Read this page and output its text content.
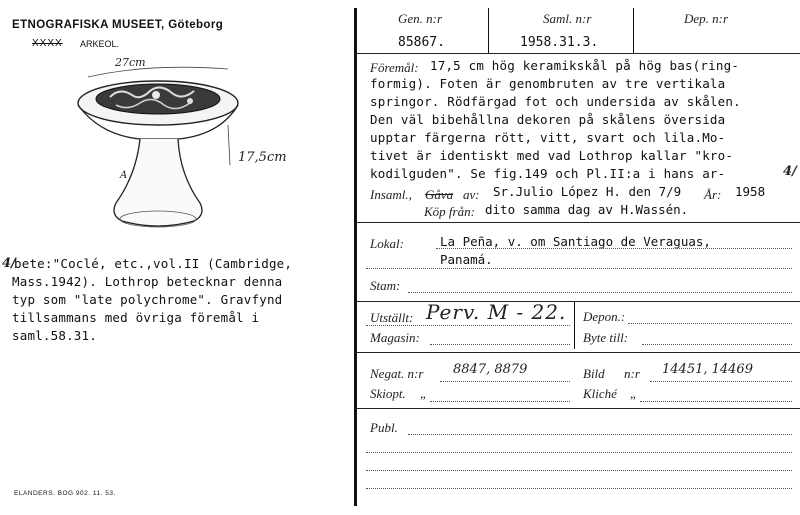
ETNOGRAFISKA MUSEET, Göteborg
XXXX ARKEOL.
27cm
17,5cm
A
4/
bete:"Coclé, etc.,vol.II (Cambridge,
Mass.1942). Lothrop betecknar denna
typ som "late polychrome". Gravfynd
tillsammans med övriga föremål i
saml.58.31.
ELANDERS. BOG 902. 11. 53.
Gen. n:r	Saml. n:r	Dep. n:r
85867.	1958.31.3.
Föremål: 17,5 cm hög keramikskål på hög bas(ring-
formig). Foten är genombruten av tre vertikala
springor. Rödfärgad fot och undersida av skålen.
Den väl bibehållna dekoren på skålens översida
upptar färgerna rött, vitt, svart och lila.Mo-
tivet är identiskt med vad Lothrop kallar "kro-
kodilguden". Se fig.149 och Pl.II:a i hans ar-	4/
Insaml., Gåva av: Sr.Julio López H. den 7/9 År: 1958
Köp från: dito samma dag av H.Wassén.
Lokal:	La Peña, v. om Santiago de Veraguas,
Panamá.
Stam:
Utställt: Perv. M - 22. Depon.:
Magasin:	Byte till:
Negat. n:r 8847, 8879	Bild n:r 14451, 14469
Skiopt. „	Kliché „
Publ.
